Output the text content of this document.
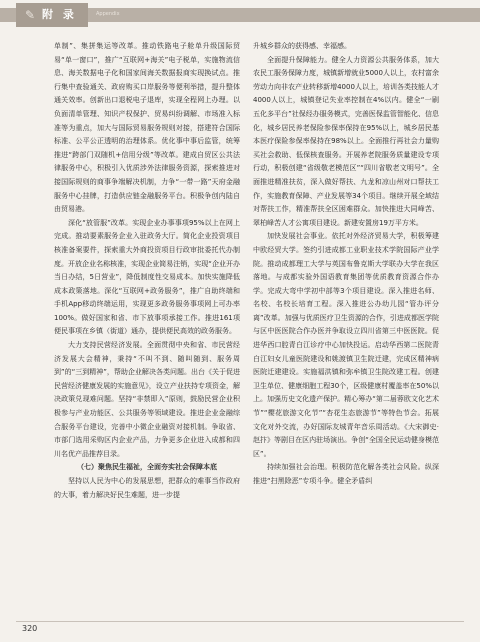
✎ 附 录	Appendix

单制”、集拼集运等改革。推动铁路电子舱单升级国际贸易“单一窗口”，推广“互联网+海关”电子税单，实施物流信息、海关数据电子化和国家间海关数据报商实现换试点。推行集中查验通关、政府购买口岸服务等便利举措，提升整体通关效率。创新出口退税电子退库，实现全程网上办理。以负面清单管理、知识产权保护、贸易纠纷调解、市场准入标准等为重点，加大与国际贸易服务规则对接，搭建符合国际标准、公平公正透明的治理体系。优化事中事后监管，统筹推进“跨部门双随机+信用分级”等改革。建成自贸区公共法律服务中心，积极引入优质涉外法律服务资源，探索推进对接国际规则的商事争端解决机制，力争“一带一路”天府金融服务中心挂牌，打造供应链金融服务平台。积极争创内陆自由贸易港。

深化“放管服”改革。实现企业办事事项95%以上在网上完成。推动要素服务企业入驻政务大厅。简化企业投资项目核准备案要件，探索重大外商投资项目行政审批委托代办制度。开放企业名称核准，实现企业简易注销，实现“企业开办当日办结，5日营业”，降低制度性交易成本。加快实施降低成本政策落地。深化“互联网+政务服务”，推广自助终端和手机App移动终端运用，实现更多政务服务事项网上可办率100%。做好国家和省、市下放事项承接工作。推进161项便民事项在乡镇（街道）通办，提供便民高效的政务服务。

大力支持民营经济发展。全面贯彻中央和省、市民营经济发展大会精神，秉持“不叫不到、随叫随到、服务周到”的“三到精神”，帮助企业解决各类问题。出台《关于促进民营经济健康发展的实施意见》，设立产业扶持专项资金，解决政策兑现难问题。坚持“非禁即入”原则，鼓励民营企业积极参与产业功能区、公共服务等领域建设。推进企业金融综合服务平台建设，完善中小微企业融资对接机制。争取省、市部门选用采购区内企业产品，力争更多企业进入成都和四川名优产品推荐目录。

（七）聚焦民生福祉，全面夯实社会保障本底

坚持以人民为中心的发展思想，把群众的难事当作政府的大事，着力解决好民生难题，进一步提

升城乡群众的获得感、幸福感。

全面提升保障能力。健全人力资源公共服务体系，加大农民工服务保障力度，城镇新增就业5000人以上，农村富余劳动力向非农产业转移新增4000人以上，培训各类技能人才4000人以上，城镇登记失业率控制在4%以内。健全“一刷五化多平台”社保经办服务模式，完善医保监管智能化、信息化，城乡居民养老保险参保率保持在95%以上，城乡居民基本医疗保险参保率保持在98%以上。全面推行再社会力量购买社会救助、低保核查服务。开展养老院服务质量建设专项行动，积极创建“省级敬老模范区”“四川省敬老文明号”。全面推进精准扶贫，深入做好帮扶、九龙和凉山州对口帮扶工作，实施教育保障、产业发展等34个项目。继续开展全域结对帮扶工作，精准帮扶全区困难群众。加快推进大同峰苦、翠柏峰苦人才公寓项目建设。新建安置房19万平方米。

加快发展社会事业。依托对外经济贸易大学，积极筹建中欧经贸大学。签约引进成都工业职业技术学院国际产业学院。推动成都理工大学与英国布鲁克斯大学联办大学在我区落地。与成都实验外国语教育集团等优质教育资源合作办学。完成大弯中学初中部等3个项目建设。深入推进名师、名校、名校长培育工程。深入推进公办幼儿园“管办评分离”改革。加强与优质医疗卫生资源的合作，引进成都医学院与区中医医院合作办医并争取设立四川省第三中医医院。促进华西口腔青白江诊疗中心加快投运。启动华西第二医院青白江妇女儿童医院建设和姚渡镇卫生院迁建，完成区精神病医院迁建建设。实施福洪镇和弥牟镇卫生院改建工程。创建卫生单位、健康细胞工程30个，区级健康村覆盖率在50%以上。加强历史文化遗产保护。精心筹办“第二届蓉欧文化艺术节”“樱花旅游文化节”“杏花生态旅游节”等特色节会。拓展文化对外交流，办好国际友城青年音乐周活动。《大宋御史·赵抃》等剧目在区内驻场演出。争创“全国全民运动健身模范区”。

持续加强社会治理。积极防范化解各类社会风险。纵深推进“扫黑除恶”专项斗争。健全矛盾纠

320
